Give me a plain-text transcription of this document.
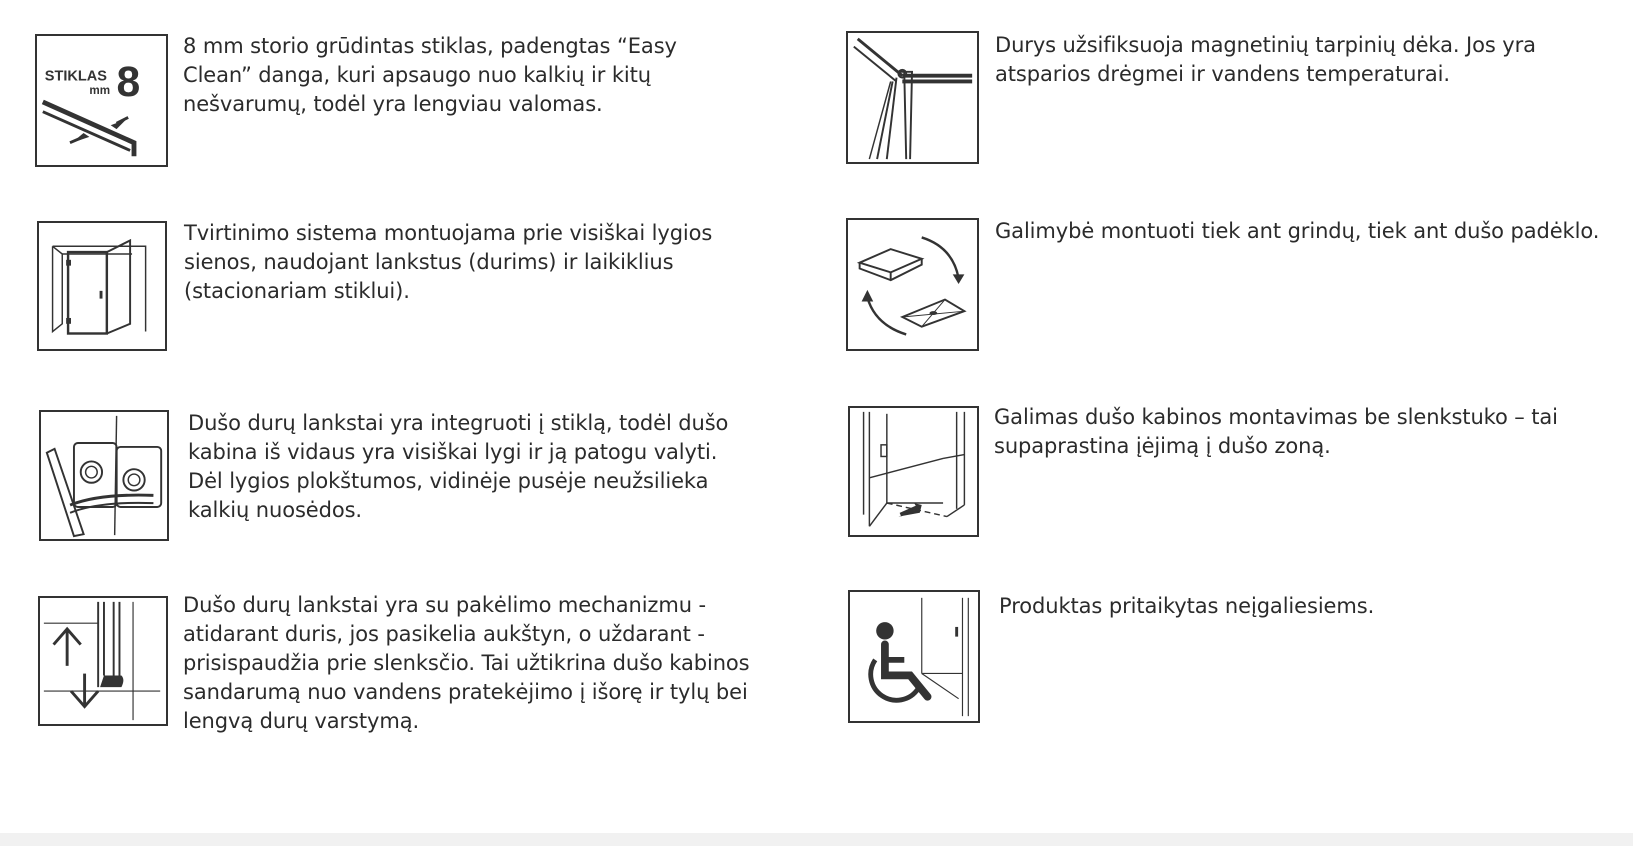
STIKLAS
mm 8
8 mm storio grūdintas stiklas, padengtas “Easy Clean” danga, kuri apsaugo nuo kalkių ir kitų nešvarumų, todėl yra lengviau valomas.
Durys užsifiksuoja magnetinių tarpinių dėka. Jos yra atsparios drėgmei ir vandens temperaturai.
Tvirtinimo sistema montuojama prie visiškai lygios sienos, naudojant lankstus (durims) ir laikiklius (stacionariam stiklui).
Galimybė montuoti tiek ant grindų, tiek ant dušo padėklo.
Dušo durų lankstai yra integruoti į stiklą, todėl dušo kabina iš vidaus yra visiškai lygi ir ją patogu valyti. Dėl lygios plokštumos, vidinėje pusėje neužsilieka kalkių nuosėdos.
Galimas dušo kabinos montavimas be slenkstuko – tai supaprastina įėjimą į dušo zoną.
Dušo durų lankstai yra su pakėlimo mechanizmu - atidarant duris, jos pasikelia aukštyn, o uždarant - prisispaudžia prie slenksčio. Tai užtikrina dušo kabinos sandarumą nuo vandens pratekėjimo į išorę ir tylų bei lengvą durų varstymą.
Produktas pritaikytas neįgaliesiems.
